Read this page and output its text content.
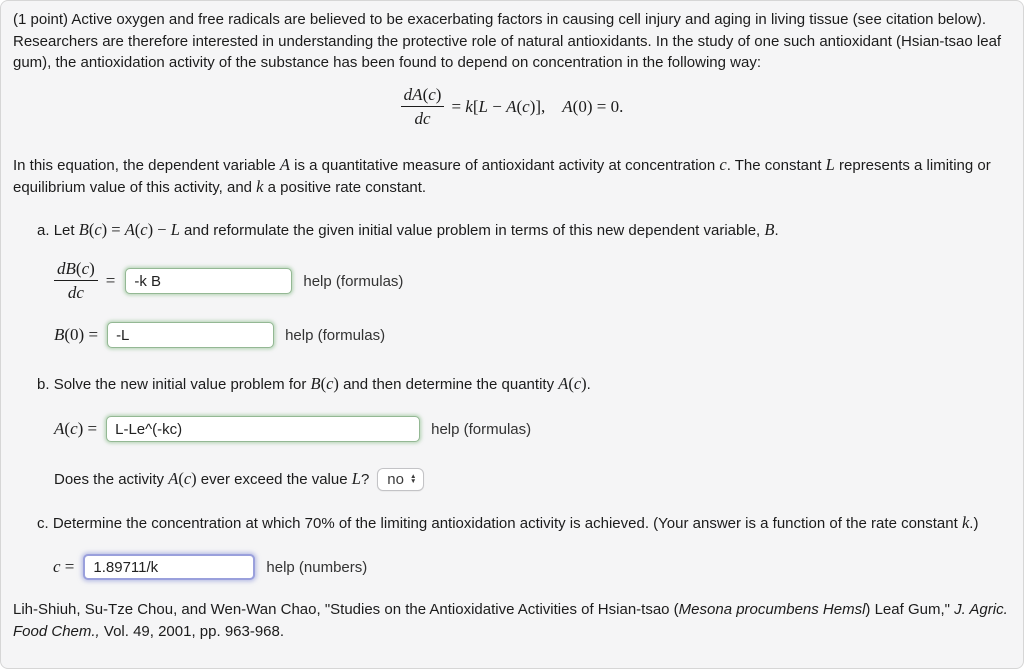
(1 point) Active oxygen and free radicals are believed to be exacerbating factors in causing cell injury and aging in living tissue (see citation below).
Researchers are therefore interested in understanding the protective role of natural antioxidants. In the study of one such antioxidant (Hsian-tsao leaf
gum), the antioxidation activity of the substance has been found to depend on concentration in the following way:
$\frac{dA(c)}{dc} = k[L - A(c)]$,  A(0) = 0.
In this equation, the dependent variable A is a quantitative measure of antioxidant activity at concentration c. The constant L represents a limiting or
equilibrium value of this activity, and k a positive rate constant.
a. Let B(c) = A(c) − L and reformulate the given initial value problem in terms of this new dependent variable, B.
$\frac{dB(c)}{dc}$ =
-k B	help (formulas)
B(0) =
-L	help (formulas)
b. Solve the new initial value problem for B(c) and then determine the quantity A(c).
A(c) =
L-Le^(-kc)	help (formulas)
Does the activity A(c) ever exceed the value L? no ▲
▼
c. Determine the concentration at which 70% of the limiting antioxidation activity is achieved. (Your answer is a function of the rate constant k.)
c =
1.89711/k	help (numbers)
Lih-Shiuh, Su-Tze Chou, and Wen-Wan Chao, "Studies on the Antioxidative Activities of Hsian-tsao (Mesona procumbens Hemsl) Leaf Gum," J. Agric.
Food Chem., Vol. 49, 2001, pp. 963-968.
